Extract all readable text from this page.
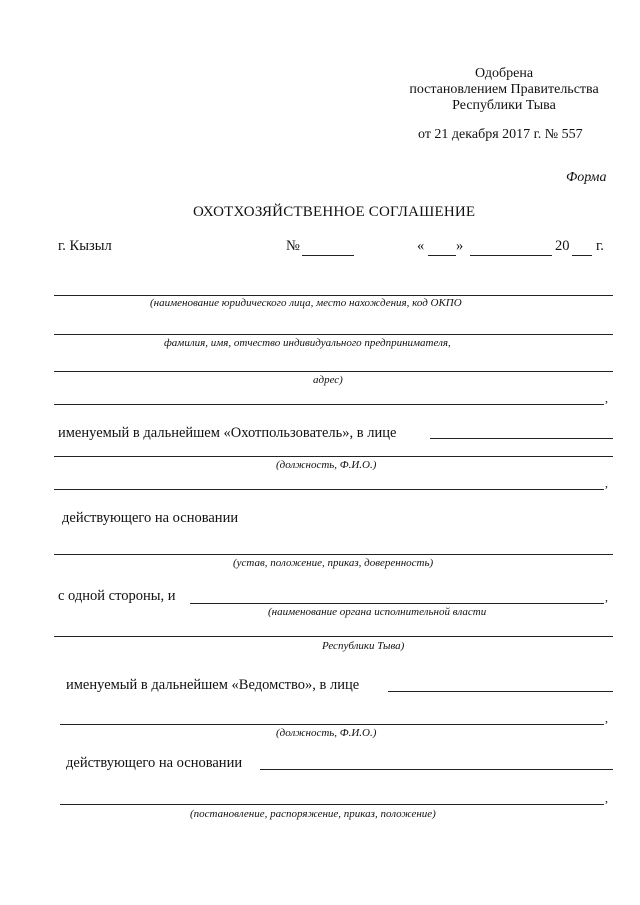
Одобрена
постановлением Правительства
Республики Тыва
от 21 декабря 2017 г. № 557
Форма
ОХОТХОЗЯЙСТВЕННОЕ СОГЛАШЕНИЕ
г. Кызыл	№	« »	20 г.
(наименование юридического лица, место нахождения, код ОКПО
фамилия, имя, отчество индивидуального предпринимателя,
адрес)
,
именуемый в дальнейшем «Охотпользователь», в лице
(должность, Ф.И.О.)
,
действующего на основании
(устав, положение, приказ, доверенность)
с одной стороны, и	,
(наименование органа исполнительной власти
Республики Тыва)
именуемый в дальнейшем «Ведомство», в лице
,
(должность, Ф.И.О.)
действующего на основании
,
(постановление, распоряжение, приказ, положение)
